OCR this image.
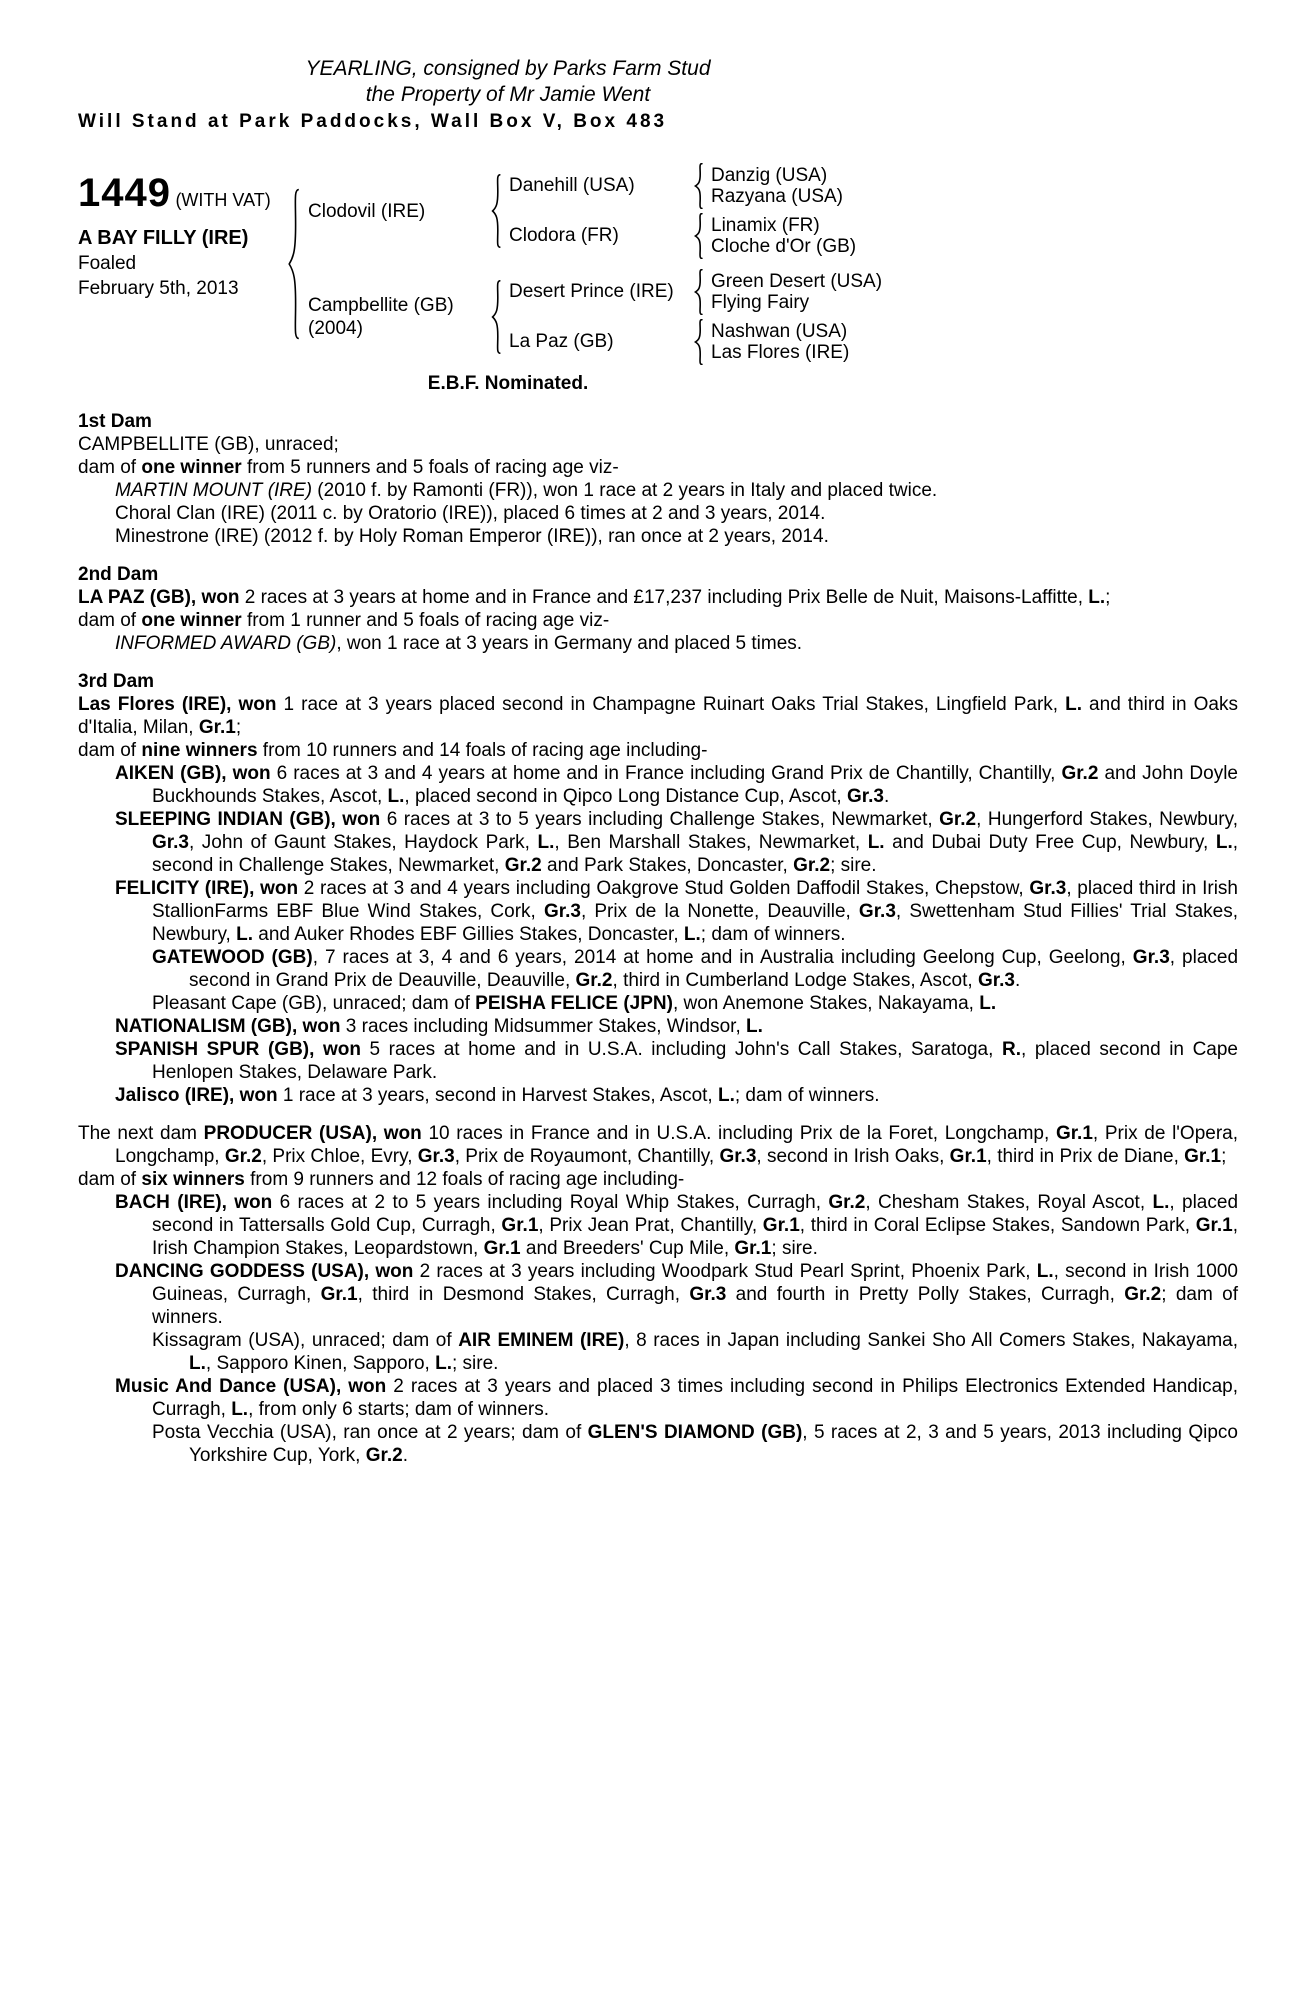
YEARLING, consigned by Parks Farm Stud
the Property of Mr Jamie Went
Will Stand at Park Paddocks, Wall Box V, Box 483
1449 (WITH VAT)
A BAY FILLY (IRE)
Foaled
February 5th, 2013
Clodovil (IRE)
Danehill (USA)	Danzig (USA)
Razyana (USA)
Clodora (FR)	Linamix (FR)
Cloche d'Or (GB)
Campbellite (GB)
(2004)
Desert Prince (IRE)	Green Desert (USA)
Flying Fairy
La Paz (GB)	Nashwan (USA)
Las Flores (IRE)
E.B.F. Nominated.
1st Dam
CAMPBELLITE (GB), unraced;
dam of one winner from 5 runners and 5 foals of racing age viz-
MARTIN MOUNT (IRE) (2010 f. by Ramonti (FR)), won 1 race at 2 years in Italy and placed twice.
Choral Clan (IRE) (2011 c. by Oratorio (IRE)), placed 6 times at 2 and 3 years, 2014.
Minestrone (IRE) (2012 f. by Holy Roman Emperor (IRE)), ran once at 2 years, 2014.
2nd Dam
LA PAZ (GB), won 2 races at 3 years at home and in France and £17,237 including Prix Belle de Nuit, Maisons-Laffitte, L.;
dam of one winner from 1 runner and 5 foals of racing age viz-
INFORMED AWARD (GB), won 1 race at 3 years in Germany and placed 5 times.
3rd Dam
Las Flores (IRE), won 1 race at 3 years placed second in Champagne Ruinart Oaks Trial Stakes, Lingfield Park, L. and third in Oaks d'Italia, Milan, Gr.1;
dam of nine winners from 10 runners and 14 foals of racing age including-
AIKEN (GB), won 6 races at 3 and 4 years at home and in France including Grand Prix de Chantilly, Chantilly, Gr.2 and John Doyle Buckhounds Stakes, Ascot, L., placed second in Qipco Long Distance Cup, Ascot, Gr.3.
SLEEPING INDIAN (GB), won 6 races at 3 to 5 years including Challenge Stakes, Newmarket, Gr.2, Hungerford Stakes, Newbury, Gr.3, John of Gaunt Stakes, Haydock Park, L., Ben Marshall Stakes, Newmarket, L. and Dubai Duty Free Cup, Newbury, L., second in Challenge Stakes, Newmarket, Gr.2 and Park Stakes, Doncaster, Gr.2; sire.
FELICITY (IRE), won 2 races at 3 and 4 years including Oakgrove Stud Golden Daffodil Stakes, Chepstow, Gr.3, placed third in Irish StallionFarms EBF Blue Wind Stakes, Cork, Gr.3, Prix de la Nonette, Deauville, Gr.3, Swettenham Stud Fillies' Trial Stakes, Newbury, L. and Auker Rhodes EBF Gillies Stakes, Doncaster, L.; dam of winners.
GATEWOOD (GB), 7 races at 3, 4 and 6 years, 2014 at home and in Australia including Geelong Cup, Geelong, Gr.3, placed second in Grand Prix de Deauville, Deauville, Gr.2, third in Cumberland Lodge Stakes, Ascot, Gr.3.
Pleasant Cape (GB), unraced; dam of PEISHA FELICE (JPN), won Anemone Stakes, Nakayama, L.
NATIONALISM (GB), won 3 races including Midsummer Stakes, Windsor, L.
SPANISH SPUR (GB), won 5 races at home and in U.S.A. including John's Call Stakes, Saratoga, R., placed second in Cape Henlopen Stakes, Delaware Park.
Jalisco (IRE), won 1 race at 3 years, second in Harvest Stakes, Ascot, L.; dam of winners.
The next dam PRODUCER (USA), won 10 races in France and in U.S.A. including Prix de la Foret, Longchamp, Gr.1, Prix de l'Opera, Longchamp, Gr.2, Prix Chloe, Evry, Gr.3, Prix de Royaumont, Chantilly, Gr.3, second in Irish Oaks, Gr.1, third in Prix de Diane, Gr.1;
dam of six winners from 9 runners and 12 foals of racing age including-
BACH (IRE), won 6 races at 2 to 5 years including Royal Whip Stakes, Curragh, Gr.2, Chesham Stakes, Royal Ascot, L., placed second in Tattersalls Gold Cup, Curragh, Gr.1, Prix Jean Prat, Chantilly, Gr.1, third in Coral Eclipse Stakes, Sandown Park, Gr.1, Irish Champion Stakes, Leopardstown, Gr.1 and Breeders' Cup Mile, Gr.1; sire.
DANCING GODDESS (USA), won 2 races at 3 years including Woodpark Stud Pearl Sprint, Phoenix Park, L., second in Irish 1000 Guineas, Curragh, Gr.1, third in Desmond Stakes, Curragh, Gr.3 and fourth in Pretty Polly Stakes, Curragh, Gr.2; dam of winners.
Kissagram (USA), unraced; dam of AIR EMINEM (IRE), 8 races in Japan including Sankei Sho All Comers Stakes, Nakayama, L., Sapporo Kinen, Sapporo, L.; sire.
Music And Dance (USA), won 2 races at 3 years and placed 3 times including second in Philips Electronics Extended Handicap, Curragh, L., from only 6 starts; dam of winners.
Posta Vecchia (USA), ran once at 2 years; dam of GLEN'S DIAMOND (GB), 5 races at 2, 3 and 5 years, 2013 including Qipco Yorkshire Cup, York, Gr.2.
